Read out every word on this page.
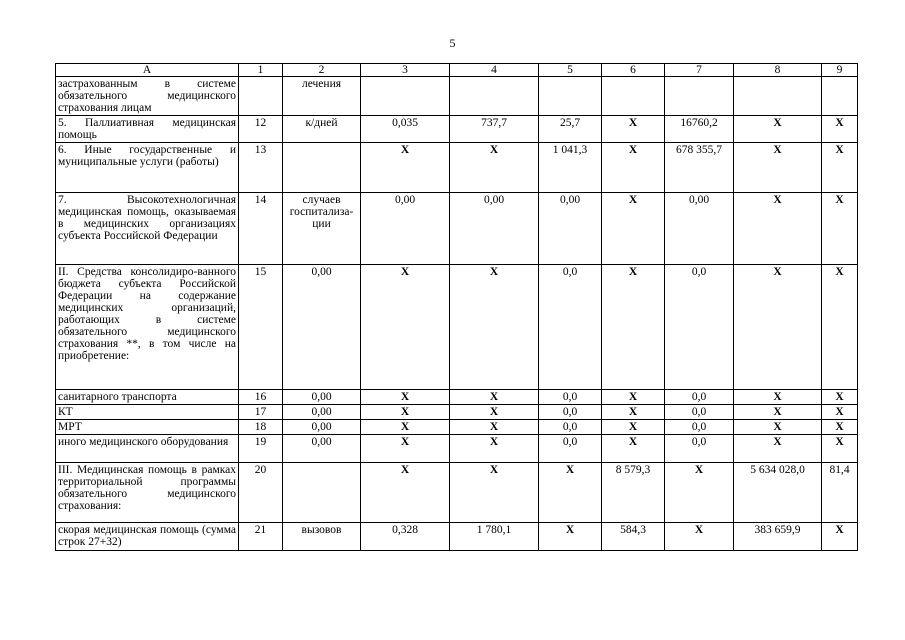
5
А	1	2	3	4	5	6	7	8	9
застрахованным в системе обязательного медицинского страхования лицам		лечения							
5. Паллиативная медицинская помощь	12	к/дней	0,035	737,7	25,7	Х	16760,2	Х	Х
6. Иные государственные и муниципальные услуги (работы)	13		Х	Х	1 041,3	Х	678 355,7	Х	Х
7. Высокотехнологичная медицинская помощь, оказываемая в медицинских организациях субъекта Российской Федерации	14	случаев госпитализа-ции	0,00	0,00	0,00	Х	0,00	Х	Х
II. Средства консолидиро-ванного бюджета субъекта Российской Федерации на содержание медицинских организаций, работающих в системе обязательного медицинского страхования **, в том числе на приобретение:	15	0,00	Х	Х	0,0	Х	0,0	Х	Х
санитарного транспорта	16	0,00	Х	Х	0,0	Х	0,0	Х	Х
КТ	17	0,00	Х	Х	0,0	Х	0,0	Х	Х
МРТ	18	0,00	Х	Х	0,0	Х	0,0	Х	Х
иного медицинского оборудования	19	0,00	Х	Х	0,0	Х	0,0	Х	Х
III. Медицинская помощь в рамках территориальной программы обязательного медицинского страхования:	20		Х	Х	Х	8 579,3	Х	5 634 028,0	81,4
скорая медицинская помощь (сумма строк 27+32)	21	вызовов	0,328	1 780,1	Х	584,3	Х	383 659,9	Х
